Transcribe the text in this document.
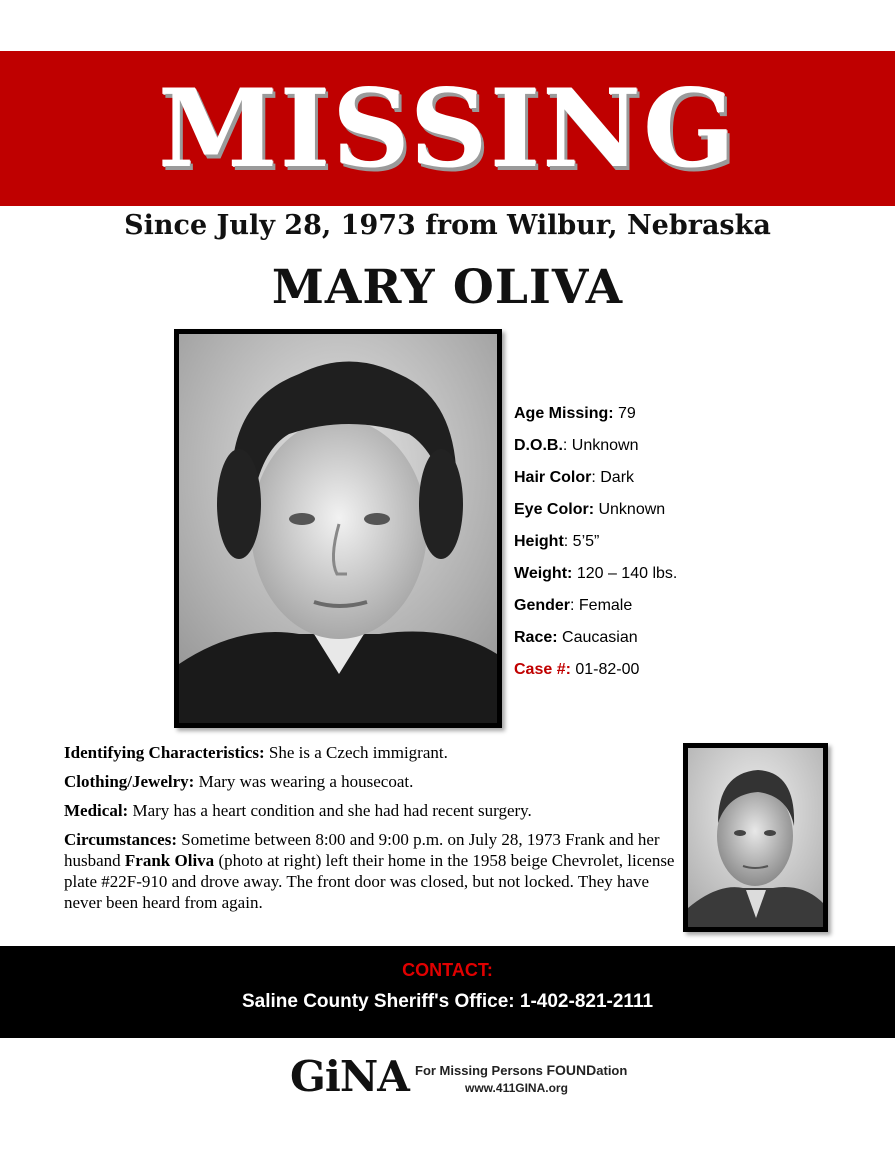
MISSING
Since July 28, 1973 from Wilbur, Nebraska
MARY OLIVA
Age Missing: 79
D.O.B.: Unknown
Hair Color: Dark
Eye Color: Unknown
Height: 5’5”
Weight: 120 – 140 lbs.
Gender: Female
Race: Caucasian
Case #: 01-82-00

Identifying Characteristics: She is a Czech immigrant.

Clothing/Jewelry: Mary was wearing a housecoat.

Medical: Mary has a heart condition and she had had recent surgery.

Circumstances: Sometime between 8:00 and 9:00 p.m. on July 28, 1973 Frank and her husband Frank Oliva (photo at right) left their home in the 1958 beige Chevrolet, license plate #22F-910 and drove away. The front door was closed, but not locked. They have never been heard from again.

CONTACT:
Saline County Sheriff's Office: 1-402-821-2111
GiNA For Missing Persons FOUNDation
www.411GINA.org
